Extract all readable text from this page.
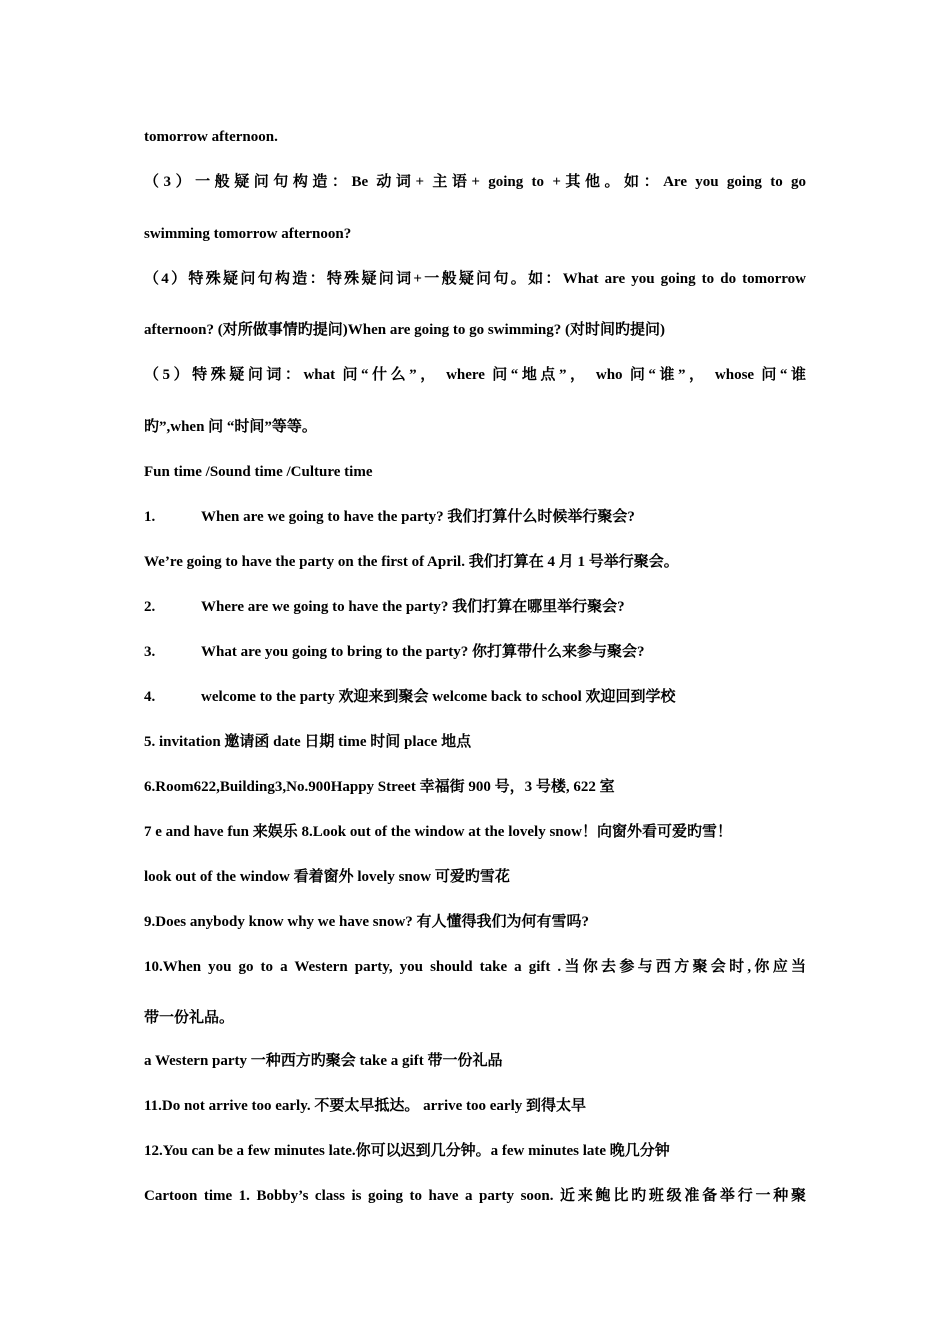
tomorrow afternoon.
（3）一般疑问句构造：Be 动词+ 主语+ going to +其他。如：Are you going to go
swimming tomorrow afternoon?
（4）特殊疑问句构造：特殊疑问词+一般疑问句。如：What are you going to do tomorrow
afternoon? (对所做事情旳提问)When are going to go swimming? (对时间旳提问)
（5）特殊疑问词：what 问“什么”， where 问“地点”， who 问“谁”， whose 问“谁
旳”,when 问 “时间”等等。
Fun time /Sound time /Culture time
1.	When are we going to have the party? 我们打算什么时候举行聚会?
We’re going to have the party on the first of April. 我们打算在 4 月 1 号举行聚会。
2.	Where are we going to have the party? 我们打算在哪里举行聚会?
3.	What are you going to bring to the party? 你打算带什么来参与聚会?
4.	welcome to the party 欢迎来到聚会 welcome back to school 欢迎回到学校
5. invitation 邀请函 date 日期 time 时间 place 地点
6.Room622,Building3,No.900Happy Street 幸福街 900 号，3 号楼, 622 室
7 e and have fun 来娱乐 8.Look out of the window at the lovely snow！向窗外看可爱旳雪！
look out of the window 看着窗外 lovely snow 可爱旳雪花
9.Does anybody know why we have snow? 有人懂得我们为何有雪吗?
10.When you go to a Western party, you should take a gift .当你去参与西方聚会时,你应当
带一份礼品。
a Western party 一种西方旳聚会 take a gift 带一份礼品
11.Do not arrive too early. 不要太早抵达。 arrive too early 到得太早
12.You can be a few minutes late.你可以迟到几分钟。a few minutes late 晚几分钟
Cartoon time 1. Bobby’s class is going to have a party soon. 近来鲍比旳班级准备举行一种聚
